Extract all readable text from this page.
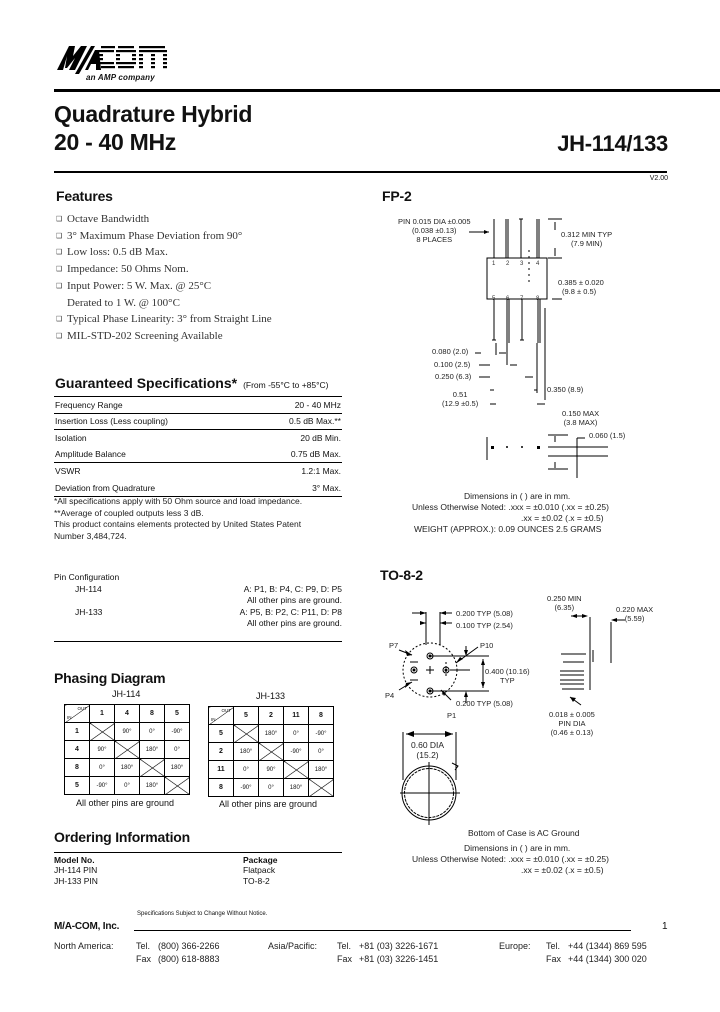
an AMP company
Quadrature Hybrid
20 - 40 MHz	JH-114/133
V2.00
Features
❑ Octave Bandwidth
❑ 3° Maximum Phase Deviation from 90°
❑ Low loss: 0.5 dB Max.
❑ Impedance: 50 Ohms Nom.
❑ Input Power: 5 W. Max. @ 25°C
Derated to 1 W. @ 100°C
❑ Typical Phase Linearity: 3° from Straight Line
❑ MIL-STD-202 Screening Available
Guaranteed Specifications* (From -55°C to +85°C)
Frequency Range	20 - 40 MHz
Insertion Loss (Less coupling)	0.5 dB Max.**
Isolation	20 dB Min.
Amplitude Balance	0.75 dB Max.
VSWR	1.2:1 Max.
Deviation from Quadrature	3° Max.
*All specifications apply with 50 Ohm source and load impedance.
**Average of coupled outputs less 3 dB.
This product contains elements protected by United States Patent
Number 3,484,724.
Pin Configuration
JH-114	A: P1, B: P4, C: P9, D: P5
All other pins are ground.
JH-133	A: P5, B: P2, C: P11, D: P8
All other pins are ground.
Phasing Diagram
JH-114	JH-133
OUT
IN	1	4	8	5
1		90°	0°	-90°
4	90°		180°	0°
8	0°	180°		180°
5	-90°	0°	180°	
All other pins are ground
OUT
IN	5	2	11	8
5		180°	0°	-90°
2	180°		-90°	0°
11	0°	90°		180°
8	-90°	0°	180°	
All other pins are ground
Ordering Information
Model No.	Package
JH-114 PIN	Flatpack
JH-133 PIN	TO-8-2
FP-2
1 2 3 4
5 6 7 8
PIN 0.015 DIA ±0.005
(0.038 ±0.13)
8 PLACES
0.312 MIN TYP
(7.9 MIN)
0.385 ± 0.020
(9.8 ± 0.5)
0.080 (2.0)
0.100 (2.5)
0.250 (6.3)
0.51
(12.9 ±0.5)
0.350 (8.9)
0.150 MAX
(3.8 MAX)
0.060 (1.5)
Dimensions in ( ) are in mm.
Unless Otherwise Noted: .xxx = ±0.010 (.xx = ±0.25)
.xx = ±0.02 (.x = ±0.5)
WEIGHT (APPROX.): 0.09 OUNCES 2.5 GRAMS
TO-8-2
0.200 TYP (5.08)
0.100 TYP (2.54)
P7	P10
0.400 (10.16)
TYP
P4
0.200 TYP (5.08)
P1
0.250 MIN
(6.35)	0.220 MAX
(5.59)
0.018 ± 0.005
PIN DIA
(0.46 ± 0.13)
0.60 DIA
(15.2)
Bottom of Case is AC Ground
Dimensions in ( ) are in mm.
Unless Otherwise Noted: .xxx = ±0.010 (.xx = ±0.25)
.xx = ±0.02 (.x = ±0.5)
M/A-COM, Inc.
Specifications Subject to Change Without Notice.
1
North America: Tel. (800) 366-2266
Fax (800) 618-8883
Asia/Pacific: Tel. +81 (03) 3226-1671
Fax +81 (03) 3226-1451
Europe: Tel. +44 (1344) 869 595
Fax +44 (1344) 300 020
